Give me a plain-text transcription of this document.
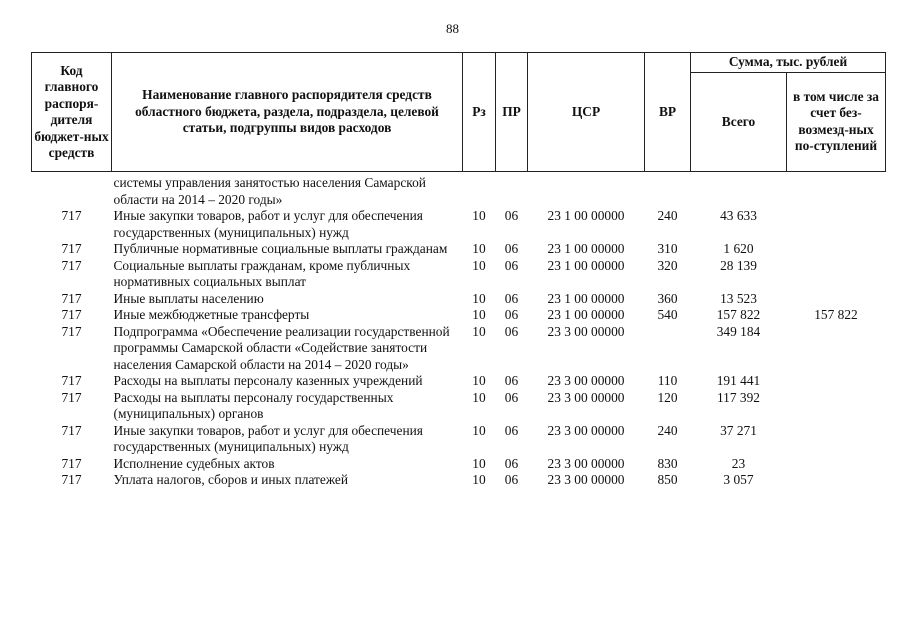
88
Код главного распоря-дителя бюджет-ных средств	Наименование главного распорядителя средств областного бюджета, раздела, подраздела, целевой статьи, подгруппы видов расходов	Рз	ПР	ЦСР	ВР	Сумма, тыс. рублей	
						Всего	в том числе за счет без-возмезд-ных по-ступлений
	системы управления занятостью населения Самарской области на 2014 – 2020 годы»						
717	Иные закупки товаров, работ и услуг для обеспечения государственных (муниципальных) нужд	10	06	23 1 00 00000	240	43 633	
717	Публичные нормативные социальные выплаты гражданам	10	06	23 1 00 00000	310	1 620	
717	Социальные выплаты гражданам, кроме публичных нормативных социальных выплат	10	06	23 1 00 00000	320	28 139	
717	Иные выплаты населению	10	06	23 1 00 00000	360	13 523	
717	Иные межбюджетные трансферты	10	06	23 1 00 00000	540	157 822	157 822
717	Подпрограмма «Обеспечение реализации государственной программы Самарской области «Содействие занятости населения Самарской области на 2014 – 2020 годы»	10	06	23 3 00 00000		349 184	
717	Расходы на выплаты персоналу казенных учреждений	10	06	23 3 00 00000	110	191 441	
717	Расходы на выплаты персоналу государственных (муниципальных) органов	10	06	23 3 00 00000	120	117 392	
717	Иные закупки товаров, работ и услуг для обеспечения государственных (муниципальных) нужд	10	06	23 3 00 00000	240	37 271	
717	Исполнение судебных актов	10	06	23 3 00 00000	830	23	
717	Уплата налогов, сборов и иных платежей	10	06	23 3 00 00000	850	3 057	
